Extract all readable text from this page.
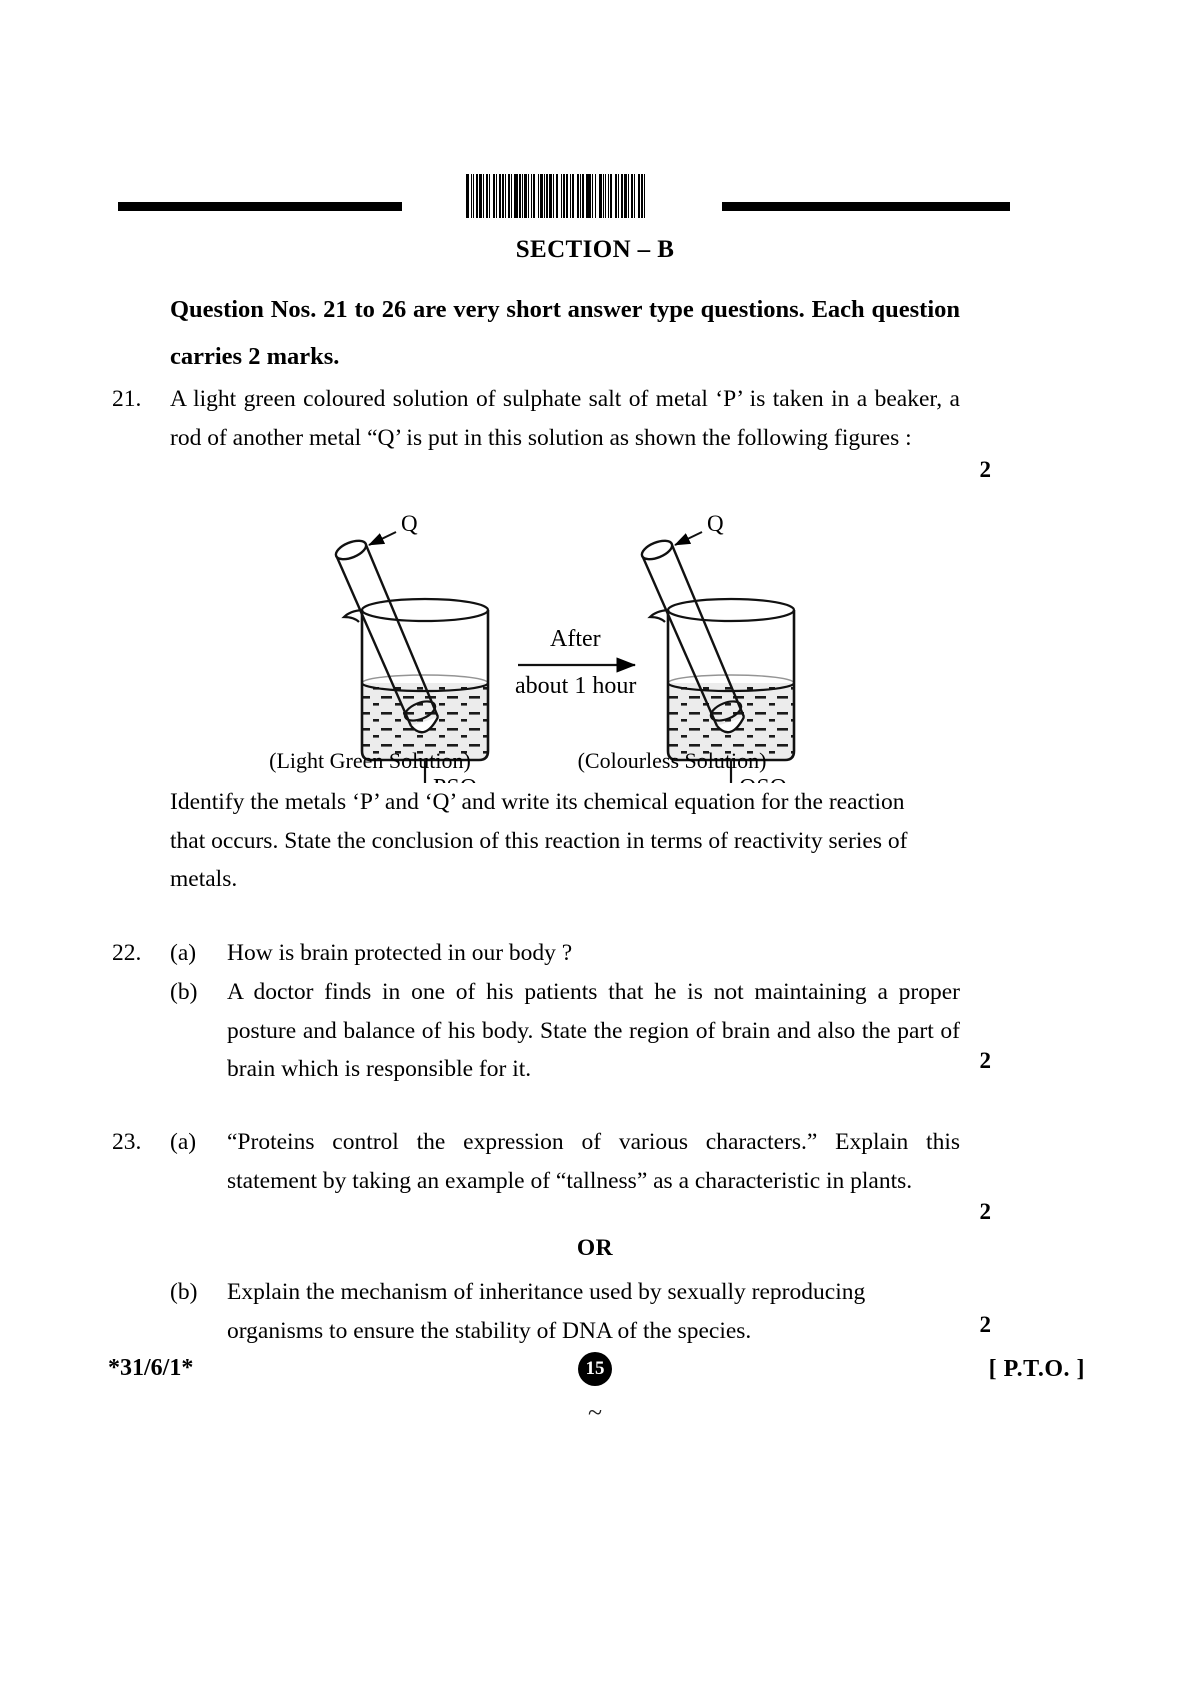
SECTION – B
Question Nos. 21 to 26 are very short answer type questions. Each question carries 2 marks.
21. A light green coloured solution of sulphate salt of metal ‘P’ is taken in a beaker, a rod of another metal “Q’ is put in this solution as shown the following figures :
2
Q
After
about 1 hour
Q
(Light Green Solution)	(Colourless Solution)
Identify the metals ‘P’ and ‘Q’ and write its chemical equation for the reaction that occurs. State the conclusion of this reaction in terms of reactivity series of metals.
22. (a) How is brain protected in our body ?
(b) A doctor finds in one of his patients that he is not maintaining a proper posture and balance of his body. State the region of brain and also the part of brain which is responsible for it.	2
23. (a) “Proteins control the expression of various characters.” Explain this statement by taking an example of “tallness” as a characteristic in plants.
2
OR
(b) Explain the mechanism of inheritance used by sexually reproducing organisms to ensure the stability of DNA of the species.	2
*31/6/1*	15	[ P.T.O. ]
~
